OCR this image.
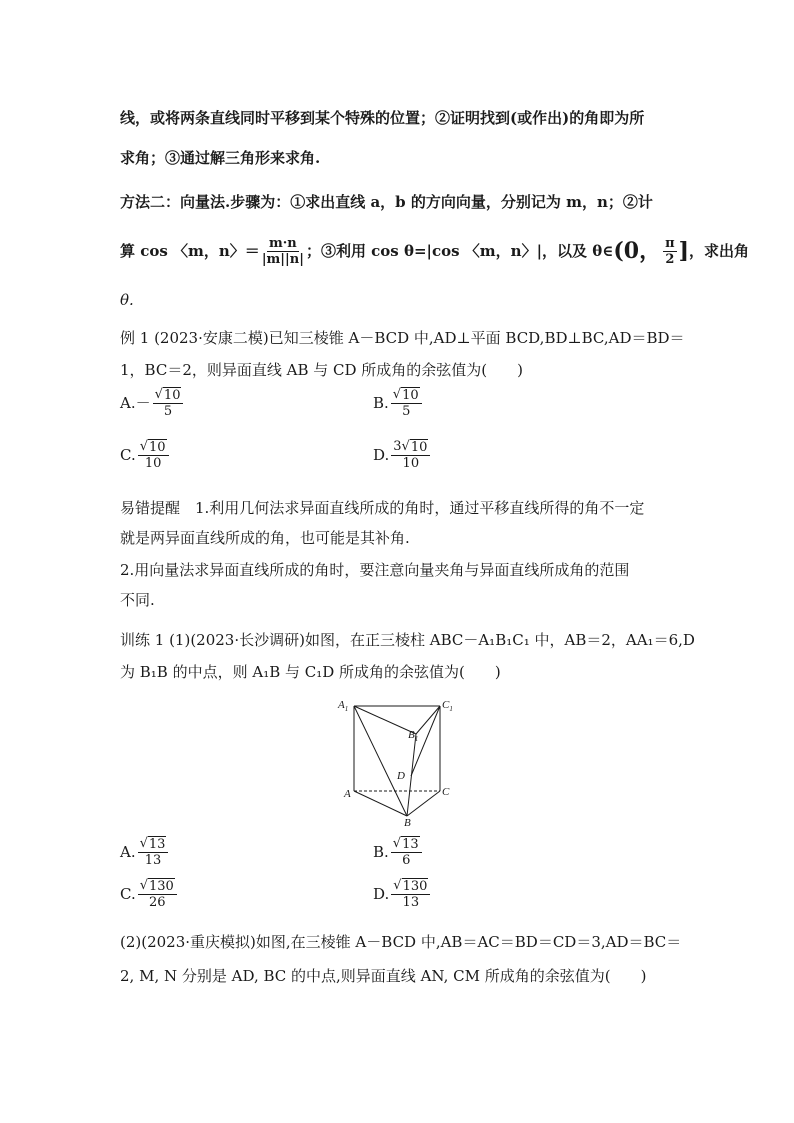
线，或将两条直线同时平移到某个特殊的位置；②证明找到(或作出)的角即为所
求角；③通过解三角形来求角.
方法二：向量法.步骤为：①求出直线 a，b 的方向向量，分别记为 m，n；②计
算 cos 〈m，n〉＝ $\frac{m\cdot n}{|m||n|}$ ；③利用 cos θ=|cos 〈m，n〉|，以及 θ∈ (0， $\frac{\pi}{2}$ ] ，求出角
θ.
例 1 (2023·安康二模)已知三棱锥 A－BCD 中,AD⊥平面 BCD,BD⊥BC,AD＝BD＝
1，BC＝2，则异面直线 AB 与 CD 所成角的余弦值为(　　)
A. － $\frac{√ 10}{5}$	B. $\frac{√ 10}{5}$
C. $\frac{√ 10}{10}$	D. $\frac{3 √ 10}{10}$
易错提醒　1.利用几何法求异面直线所成的角时，通过平移直线所得的角不一定
就是两异面直线所成的角，也可能是其补角.
2.用向量法求异面直线所成的角时，要注意向量夹角与异面直线所成角的范围
不同.
训练 1 (1)(2023·长沙调研)如图，在正三棱柱 ABC－A₁B₁C₁ 中，AB＝2，AA₁＝6,D
为 B₁B 的中点，则 A₁B 与 C₁D 所成角的余弦值为(　　)
$A_1$	$C_1$
$B_1$
D
A	C
B
A. $\frac{√ 13}{13}$	B. $\frac{√ 13}{6}$
C. $\frac{√ 130}{26}$	D. $\frac{√ 130}{13}$
(2)(2023·重庆模拟)如图,在三棱锥 A－BCD 中,AB＝AC＝BD＝CD＝3,AD＝BC＝
2, M, N 分别是 AD, BC 的中点,则异面直线 AN, CM 所成角的余弦值为(　　)
